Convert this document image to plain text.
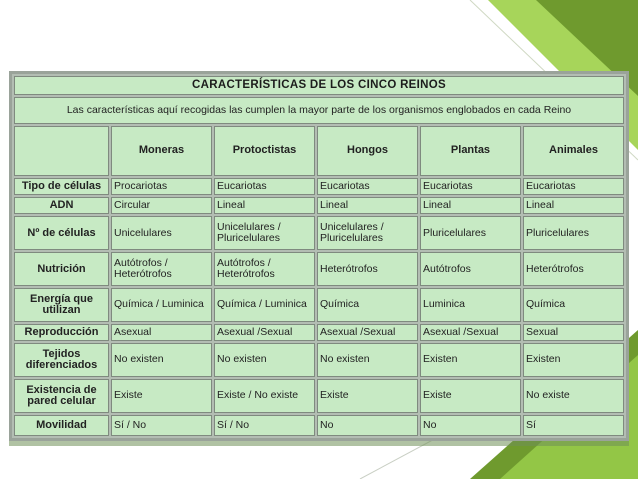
CARACTERÍSTICAS DE LOS CINCO REINOS					
Las características aquí recogidas las cumplen la mayor parte de los organismos englobados en cada Reino					
	Moneras	Protoctistas	Hongos	Plantas	Animales
Tipo de células	Procariotas	Eucariotas	Eucariotas	Eucariotas	Eucariotas
ADN	Circular	Lineal	Lineal	Lineal	Lineal
Nº de células	Unicelulares	Unicelulares / Pluricelulares	Unicelulares / Pluricelulares	Pluricelulares	Pluricelulares
Nutrición	Autótrofos / Heterótrofos	Autótrofos / Heterótrofos	Heterótrofos	Autótrofos	Heterótrofos
Energía que utilizan	Química / Luminica	Química / Luminica	Química	Luminica	Química
Reproducción	Asexual	Asexual /Sexual	Asexual /Sexual	Asexual /Sexual	Sexual
Tejidos diferenciados	No existen	No existen	No existen	Existen	Existen
Existencia de pared celular	Existe	Existe / No existe	Existe	Existe	No existe
Movilidad	Sí / No	Sí / No	No	No	Sí
